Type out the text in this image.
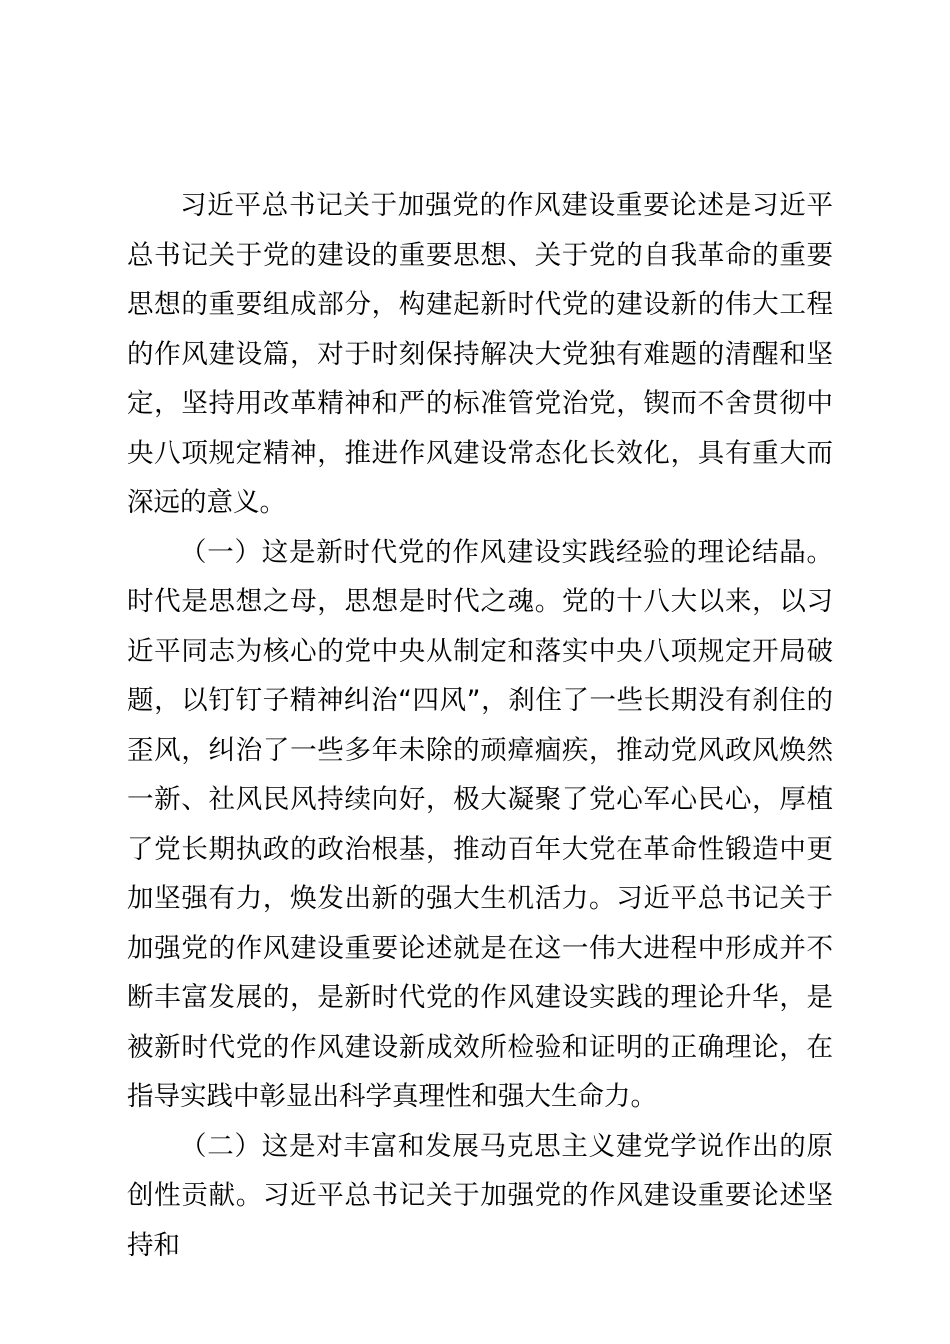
习近平总书记关于加强党的作风建设重要论述是习近平总书记关于党的建设的重要思想、关于党的自我革命的重要思想的重要组成部分，构建起新时代党的建设新的伟大工程的作风建设篇，对于时刻保持解决大党独有难题的清醒和坚定，坚持用改革精神和严的标准管党治党，锲而不舍贯彻中央八项规定精神，推进作风建设常态化长效化，具有重大而深远的意义。

（一）这是新时代党的作风建设实践经验的理论结晶。时代是思想之母，思想是时代之魂。党的十八大以来，以习近平同志为核心的党中央从制定和落实中央八项规定开局破题，以钉钉子精神纠治“四风”，刹住了一些长期没有刹住的歪风，纠治了一些多年未除的顽瘴痼疾，推动党风政风焕然一新、社风民风持续向好，极大凝聚了党心军心民心，厚植了党长期执政的政治根基，推动百年大党在革命性锻造中更加坚强有力，焕发出新的强大生机活力。习近平总书记关于加强党的作风建设重要论述就是在这一伟大进程中形成并不断丰富发展的，是新时代党的作风建设实践的理论升华，是被新时代党的作风建设新成效所检验和证明的正确理论，在指导实践中彰显出科学真理性和强大生命力。

（二）这是对丰富和发展马克思主义建党学说作出的原创性贡献。习近平总书记关于加强党的作风建设重要论述坚持和
